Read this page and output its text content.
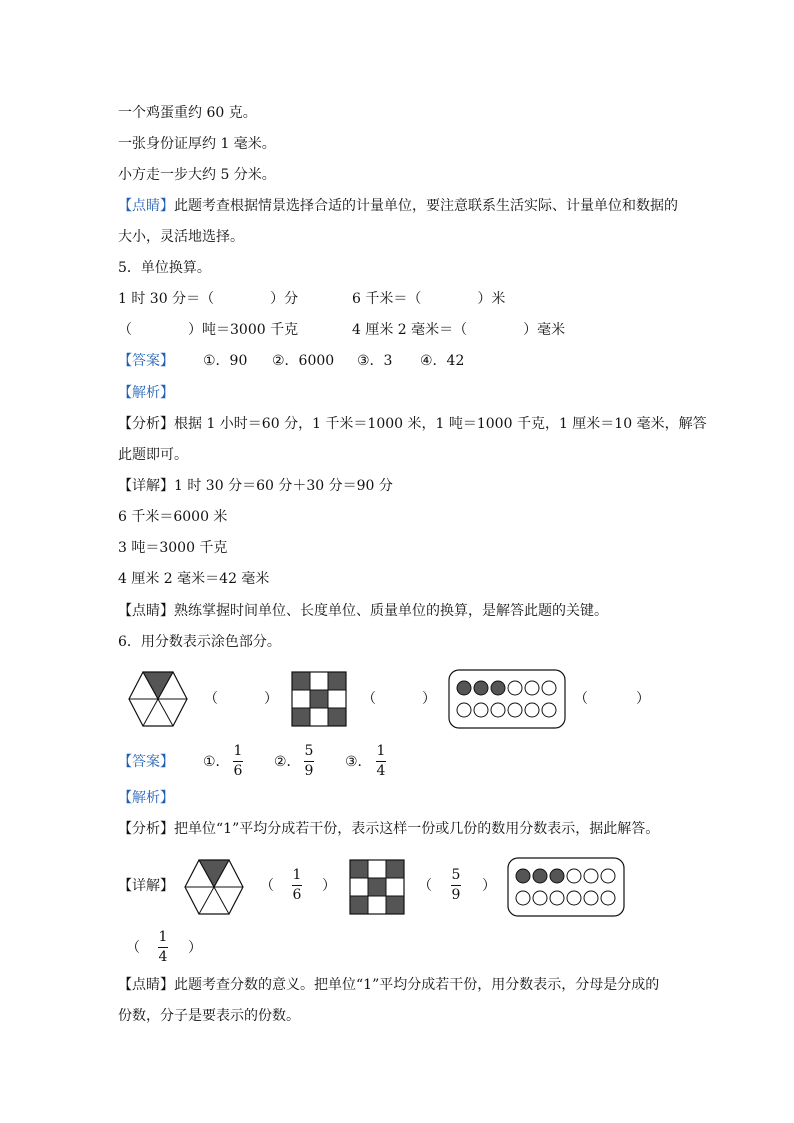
一个鸡蛋重约 60 克。
一张身份证厚约 1 毫米。
小方走一步大约 5 分米。
【点睛】此题考查根据情景选择合适的计量单位，要注意联系生活实际、计量单位和数据的
大小，灵活地选择。
5．单位换算。
1 时 30 分＝（　　　　）分	6 千米＝（　　　　）米
（　　　　）吨＝3000 千克	4 厘米 2 毫米＝（　　　　）毫米
【答案】 ①．90 ②．6000 ③．3 ④．42
【解析】
【分析】根据 1 小时＝60 分，1 千米＝1000 米，1 吨＝1000 千克，1 厘米＝10 毫米，解答
此题即可。
【详解】1 时 30 分＝60 分＋30 分＝90 分
6 千米＝6000 米
3 吨＝3000 千克
4 厘米 2 毫米＝42 毫米
【点睛】熟练掌握时间单位、长度单位、质量单位的换算，是解答此题的关键。
6．用分数表示涂色部分。
（	）	（	）	（	）
【答案】 ①．
1
6
②．
5
9
③．
1
4
【解析】
【分析】把单位“1”平均分成若干份，表示这样一份或几份的数用分数表示，据此解答。
【详解】	（
1
6
）	（
5
9
）
（
1
4
）
【点睛】此题考查分数的意义。把单位“1”平均分成若干份，用分数表示，分母是分成的
份数，分子是要表示的份数。
